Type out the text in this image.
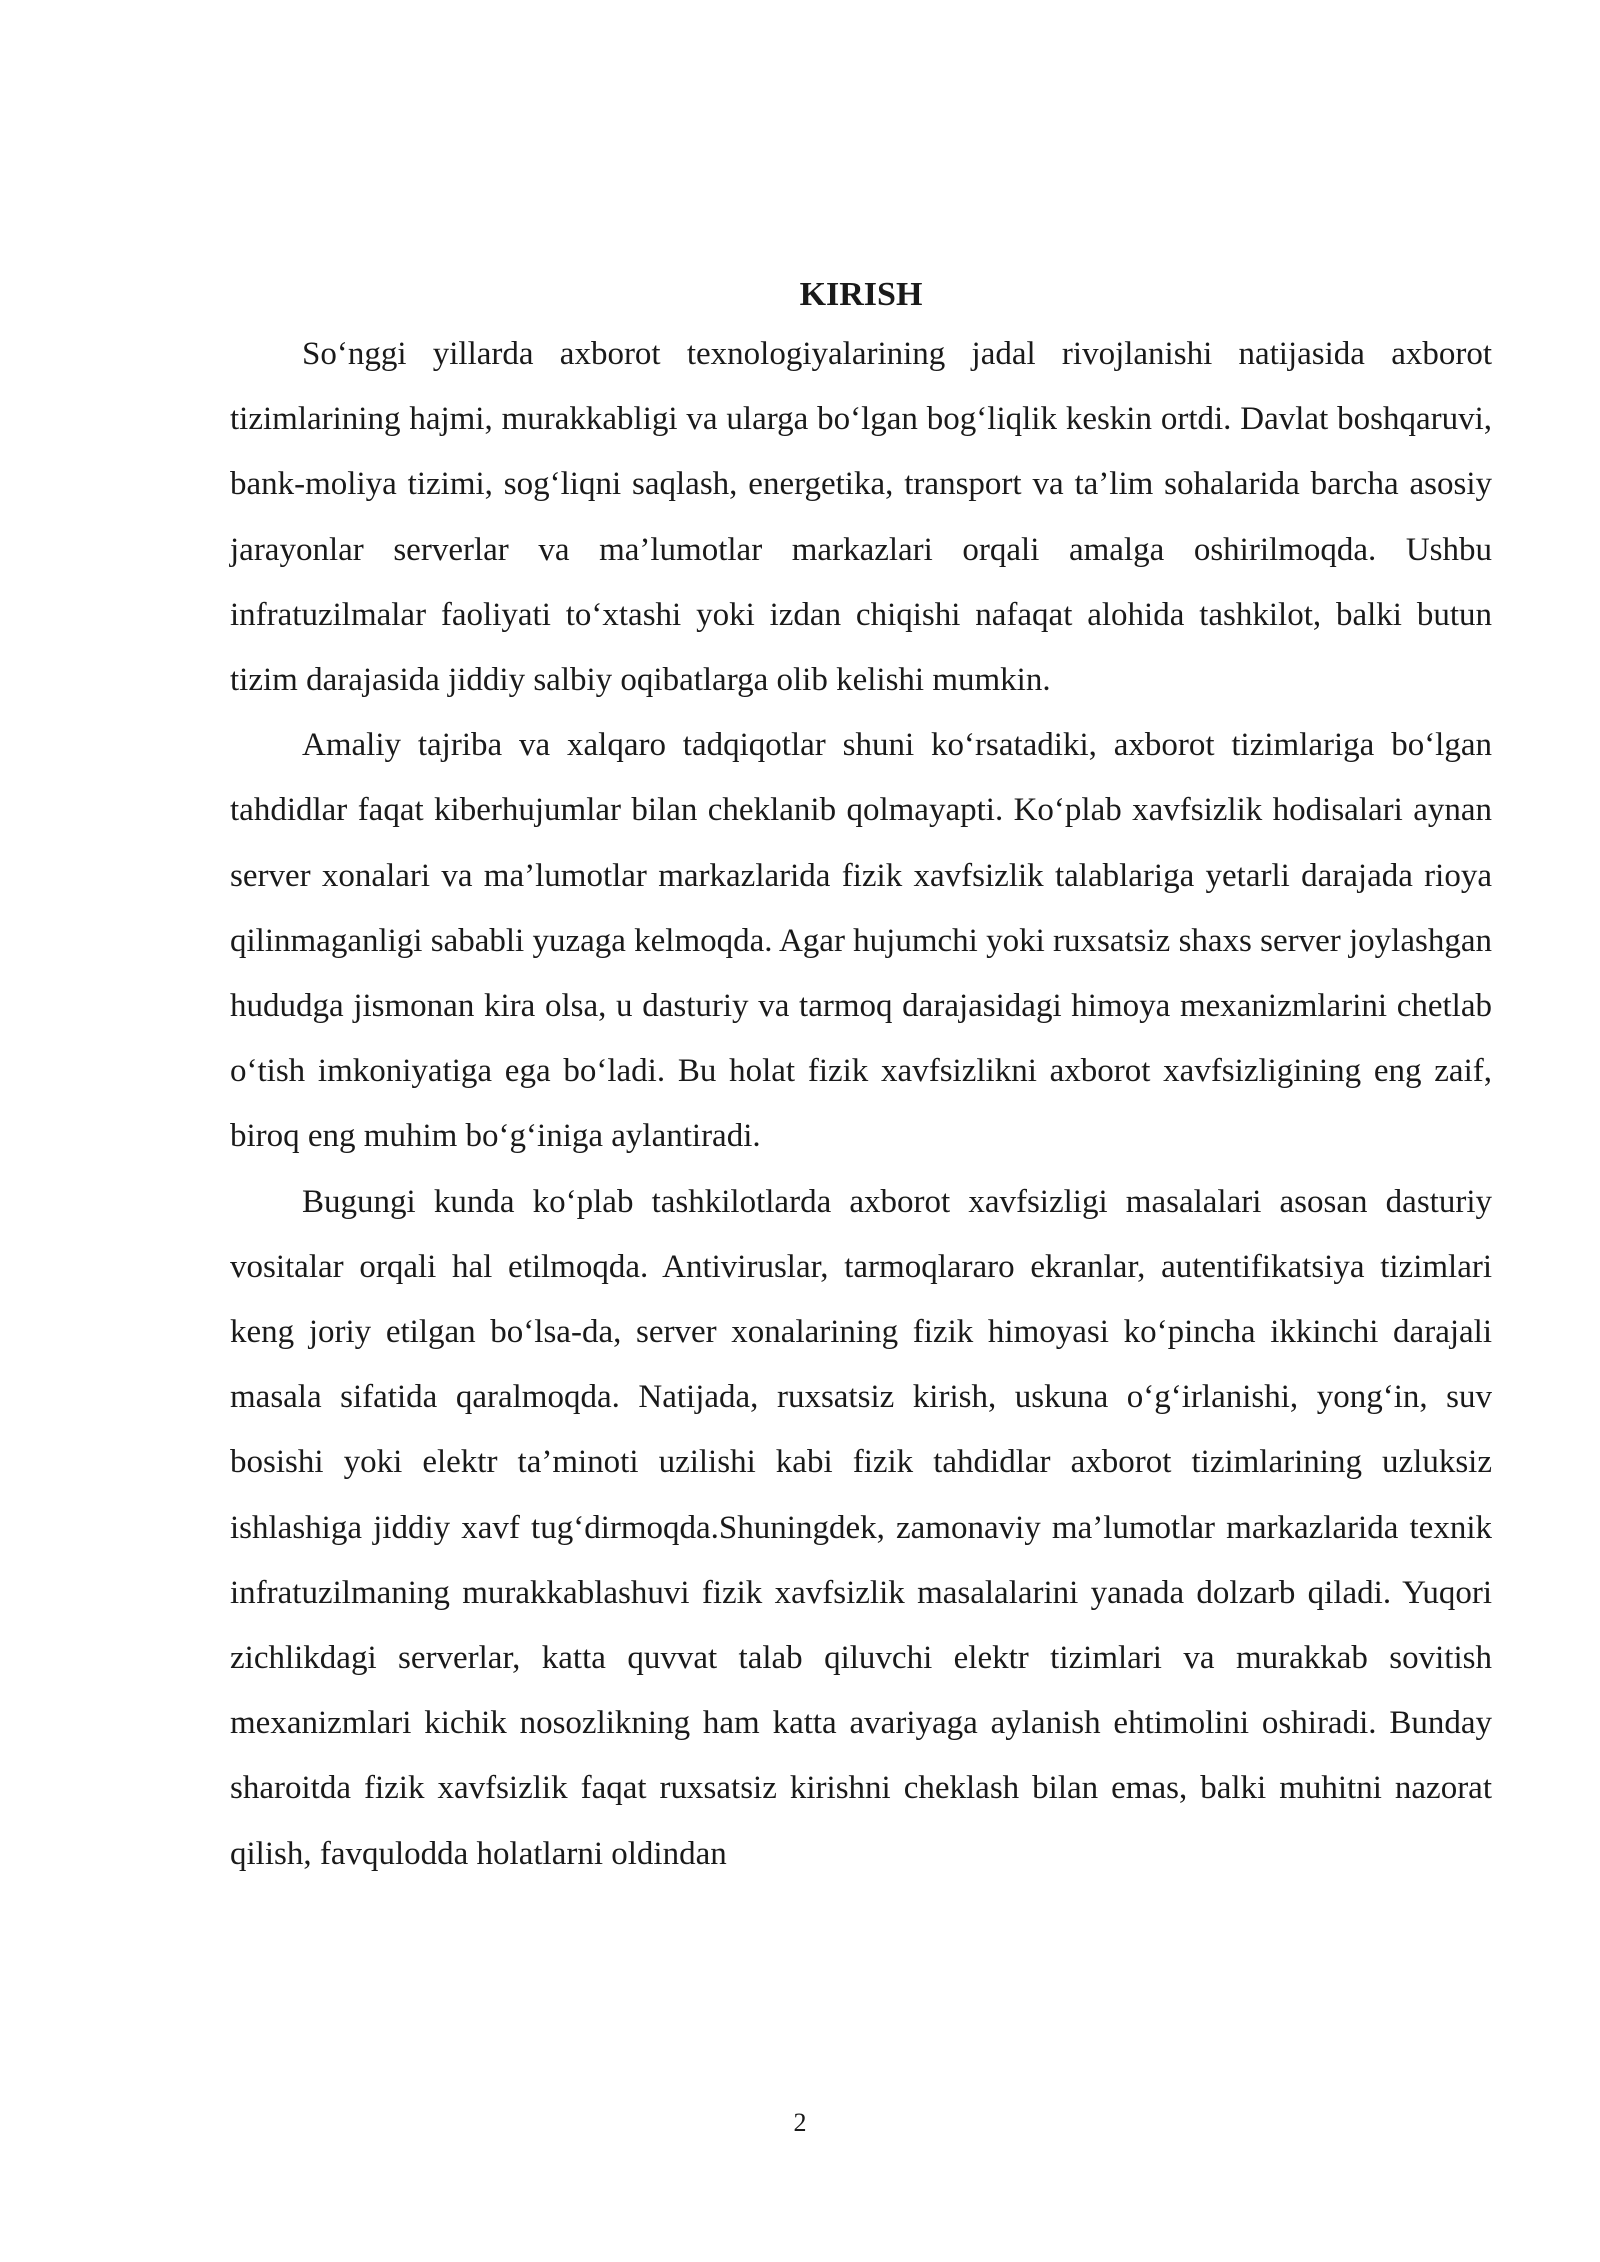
KIRISH

So‘nggi yillarda axborot texnologiyalarining jadal rivojlanishi natijasida axborot tizimlarining hajmi, murakkabligi va ularga bo‘lgan bog‘liqlik keskin ortdi. Davlat boshqaruvi, bank-moliya tizimi, sog‘liqni saqlash, energetika, transport va ta’lim sohalarida barcha asosiy jarayonlar serverlar va ma’lumotlar markazlari orqali amalga oshirilmoqda. Ushbu infratuzilmalar faoliyati to‘xtashi yoki izdan chiqishi nafaqat alohida tashkilot, balki butun tizim darajasida jiddiy salbiy oqibatlarga olib kelishi mumkin.

Amaliy tajriba va xalqaro tadqiqotlar shuni ko‘rsatadiki, axborot tizimlariga bo‘lgan tahdidlar faqat kiberhujumlar bilan cheklanib qolmayapti. Ko‘plab xavfsizlik hodisalari aynan server xonalari va ma’lumotlar markazlarida fizik xavfsizlik talablariga yetarli darajada rioya qilinmaganligi sababli yuzaga kelmoqda. Agar hujumchi yoki ruxsatsiz shaxs server joylashgan hududga jismonan kira olsa, u dasturiy va tarmoq darajasidagi himoya mexanizmlarini chetlab o‘tish imkoniyatiga ega bo‘ladi. Bu holat fizik xavfsizlikni axborot xavfsizligining eng zaif, biroq eng muhim bo‘g‘iniga aylantiradi.

Bugungi kunda ko‘plab tashkilotlarda axborot xavfsizligi masalalari asosan dasturiy vositalar orqali hal etilmoqda. Antiviruslar, tarmoqlararo ekranlar, autentifikatsiya tizimlari keng joriy etilgan bo‘lsa-da, server xonalarining fizik himoyasi ko‘pincha ikkinchi darajali masala sifatida qaralmoqda. Natijada, ruxsatsiz kirish, uskuna o‘g‘irlanishi, yong‘in, suv bosishi yoki elektr ta’minoti uzilishi kabi fizik tahdidlar axborot tizimlarining uzluksiz ishlashiga jiddiy xavf tug‘dirmoqda.Shuningdek, zamonaviy ma’lumotlar markazlarida texnik infratuzilmaning murakkablashuvi fizik xavfsizlik masalalarini yanada dolzarb qiladi. Yuqori zichlikdagi serverlar, katta quvvat talab qiluvchi elektr tizimlari va murakkab sovitish mexanizmlari kichik nosozlikning ham katta avariyaga aylanish ehtimolini oshiradi. Bunday sharoitda fizik xavfsizlik faqat ruxsatsiz kirishni cheklash bilan emas, balki muhitni nazorat qilish, favqulodda holatlarni oldindan

2
